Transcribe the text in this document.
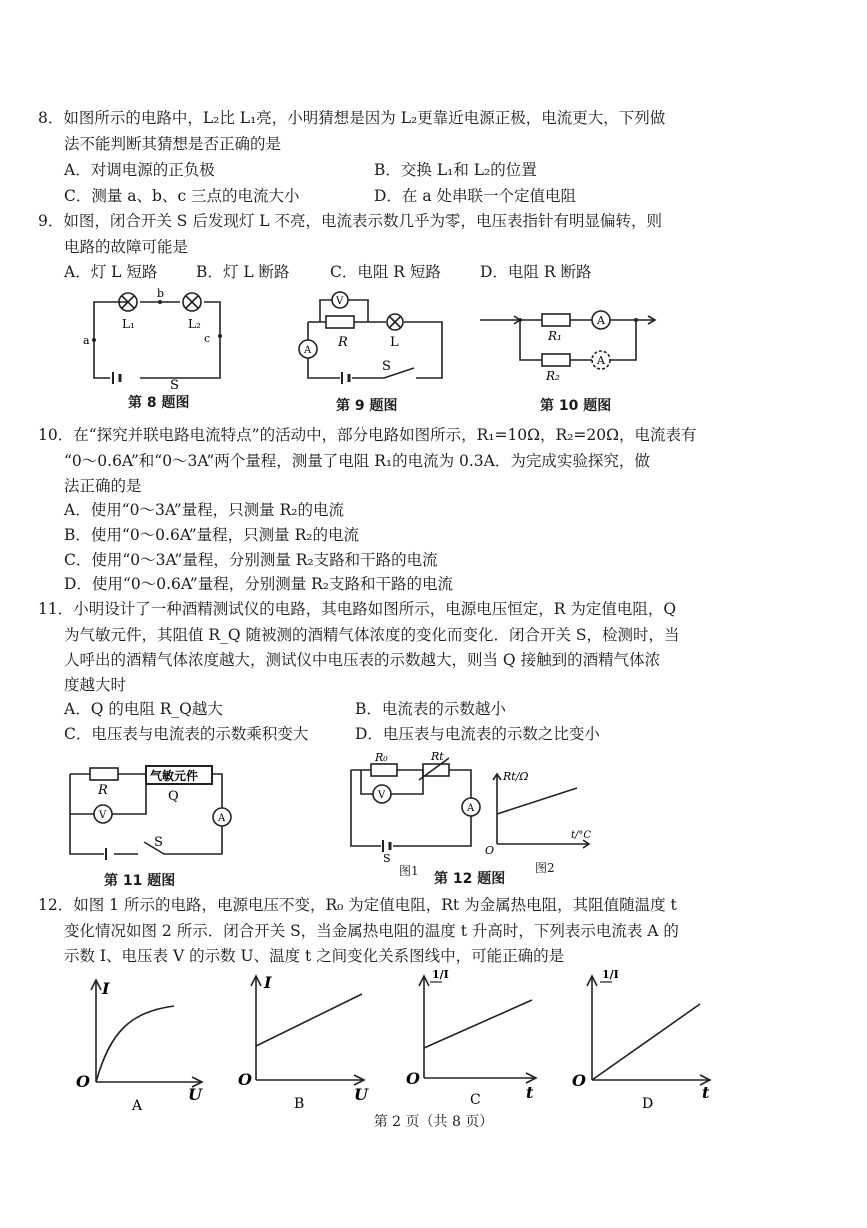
8．如图所示的电路中，L₂比 L₁亮，小明猜想是因为 L₂更靠近电源正极，电流更大，下列做
法不能判断其猜想是否正确的是
A．对调电源的正负极	B．交换 L₁和 L₂的位置
C．测量 a、b、c 三点的电流大小	D．在 a 处串联一个定值电阻
9．如图，闭合开关 S 后发现灯 L 不亮，电流表示数几乎为零，电压表指针有明显偏转，则
电路的故障可能是
A．灯 L 短路 B．灯 L 断路	C．电阻 R 短路	D．电阻 R 断路
b
a	c
L₁	L₂
S
第 8 题图
V
A
R	L
S
第 9 题图
A
A
R₁
R₂
第 10 题图
10．在“探究并联电路电流特点”的活动中，部分电路如图所示，R₁=10Ω，R₂=20Ω，电流表有
“0～0.6A”和“0～3A”两个量程，测量了电阻 R₁的电流为 0.3A．为完成实验探究，做
法正确的是
A．使用“0～3A”量程，只测量 R₂的电流
B．使用“0～0.6A”量程，只测量 R₂的电流
C．使用“0～3A”量程，分别测量 R₂支路和干路的电流
D．使用“0～0.6A”量程，分别测量 R₂支路和干路的电流
11．小明设计了一种酒精测试仪的电路，其电路如图所示，电源电压恒定，R 为定值电阻，Q
为气敏元件，其阻值 R_Q 随被测的酒精气体浓度的变化而变化．闭合开关 S，检测时，当
人呼出的酒精气体浓度越大，测试仪中电压表的示数越大，则当 Q 接触到的酒精气体浓
度越大时
A．Q 的电阻 R_Q越大	B．电流表的示数越小
C．电压表与电流表的示数乘积变大	D．电压表与电流表的示数之比变小
气敏元件
R	Q
V	A
S
第 11 题图
R₀	Rt
V
A
S
图1
Rt/Ω
t/°C
O
图2
第 12 题图
12．如图 1 所示的电路，电源电压不变，R₀ 为定值电阻，Rt 为金属热电阻，其阻值随温度 t
变化情况如图 2 所示．闭合开关 S，当金属热电阻的温度 t 升高时，下列表示电流表 A 的
示数 I、电压表 V 的示数 U、温度 t 之间变化关系图线中，可能正确的是
I
U
O
A
I
U
O
B
1/I
t
O
C
1/I
t
O
D
第 2 页（共 8 页）
